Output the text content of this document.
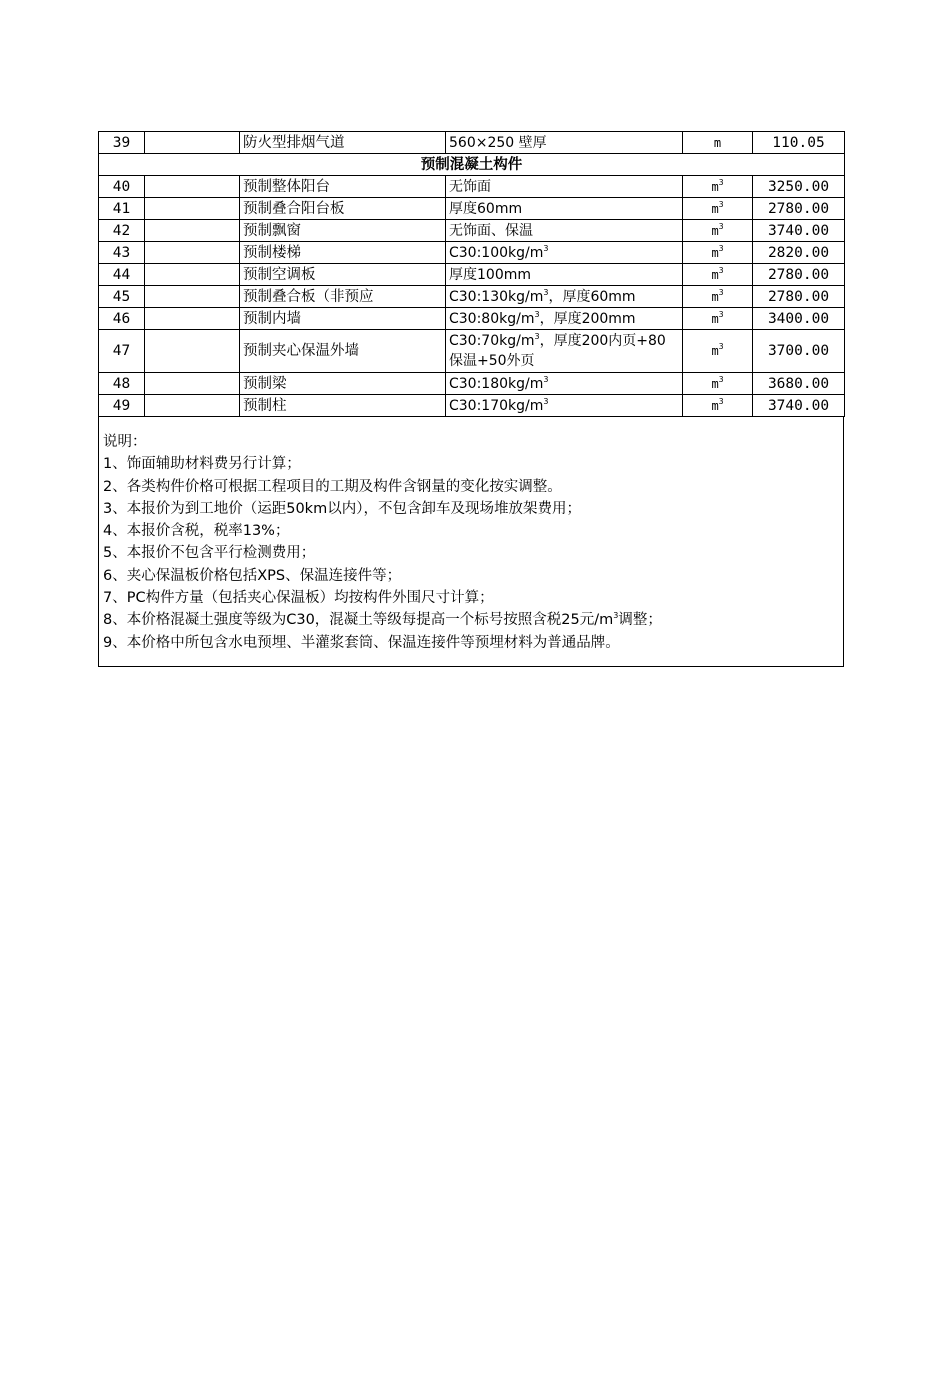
39		防火型排烟气道	560×250 壁厚	m	110.05
预制混凝土构件					
40		预制整体阳台	无饰面	$m^3$	3250.00
41		预制叠合阳台板	厚度60mm	$m^3$	2780.00
42		预制飘窗	无饰面、保温	$m^3$	3740.00
43		预制楼梯	$C30:100kg/m^3$	$m^3$	2820.00
44		预制空调板	厚度100mm	$m^3$	2780.00
45		预制叠合板（非预应	$C30:130kg/m^3$，厚度60mm	$m^3$	2780.00
46		预制内墙	$C30:80kg/m^3$，厚度200mm	$m^3$	3400.00
47		预制夹心保温外墙	$C30:70kg/m^3$，厚度200内页+80保温+50外页	$m^3$	3700.00
48		预制梁	$C30:180kg/m^3$	$m^3$	3680.00
49		预制柱	$C30:170kg/m^3$	$m^3$	3740.00
说明：
1、饰面辅助材料费另行计算；
2、各类构件价格可根据工程项目的工期及构件含钢量的变化按实调整。
3、本报价为到工地价（运距50km以内），不包含卸车及现场堆放架费用；
4、本报价含税，税率13%；
5、本报价不包含平行检测费用；
6、夹心保温板价格包括XPS、保温连接件等；
7、PC构件方量（包括夹心保温板）均按构件外围尺寸计算；
8、本价格混凝土强度等级为C30，混凝土等级每提高一个标号按照含税25元$/m^3$调整；
9、本价格中所包含水电预埋、半灌浆套筒、保温连接件等预埋材料为普通品牌。
